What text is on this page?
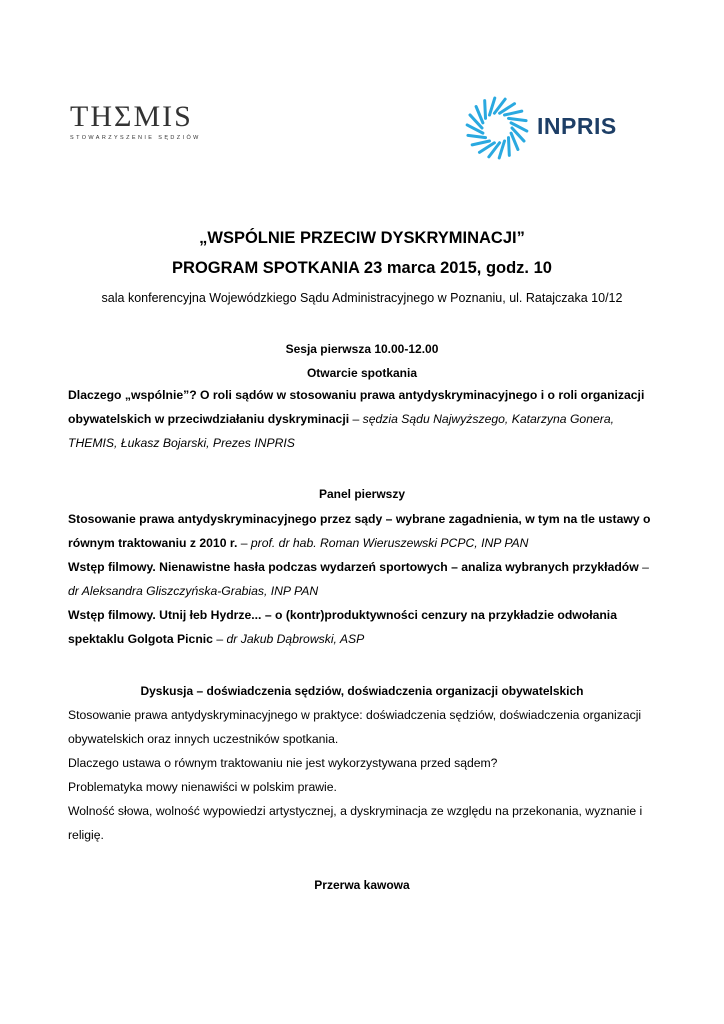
THΣMIS
STOWARZYSZENIE SĘDZIÓW	INPRIS

„WSPÓLNIE PRZECIW DYSKRYMINACJI”

PROGRAM SPOTKANIA 23 marca 2015, godz. 10

sala konferencyjna Wojewódzkiego Sądu Administracyjnego w Poznaniu, ul. Ratajczaka 10/12

Sesja pierwsza 10.00-12.00

Otwarcie spotkania

Dlaczego „wspólnie”? O roli sądów w stosowaniu prawa antydyskryminacyjnego i o roli organizacji obywatelskich w przeciwdziałaniu dyskryminacji – sędzia Sądu Najwyższego, Katarzyna Gonera, THEMIS, Łukasz Bojarski, Prezes INPRIS

Panel pierwszy

Stosowanie prawa antydyskryminacyjnego przez sądy – wybrane zagadnienia, w tym na tle ustawy o równym traktowaniu z 2010 r. – prof. dr hab. Roman Wieruszewski PCPC, INP PAN

Wstęp filmowy. Nienawistne hasła podczas wydarzeń sportowych – analiza wybranych przykładów – dr Aleksandra Gliszczyńska-Grabias, INP PAN

Wstęp filmowy. Utnij łeb Hydrze... – o (kontr)produktywności cenzury na przykładzie odwołania spektaklu Golgota Picnic – dr Jakub Dąbrowski, ASP

Dyskusja – doświadczenia sędziów, doświadczenia organizacji obywatelskich

Stosowanie prawa antydyskryminacyjnego w praktyce: doświadczenia sędziów, doświadczenia organizacji obywatelskich oraz innych uczestników spotkania.

Dlaczego ustawa o równym traktowaniu nie jest wykorzystywana przed sądem?

Problematyka mowy nienawiści w polskim prawie.

Wolność słowa, wolność wypowiedzi artystycznej, a dyskryminacja ze względu na przekonania, wyznanie i religię.

Przerwa kawowa
